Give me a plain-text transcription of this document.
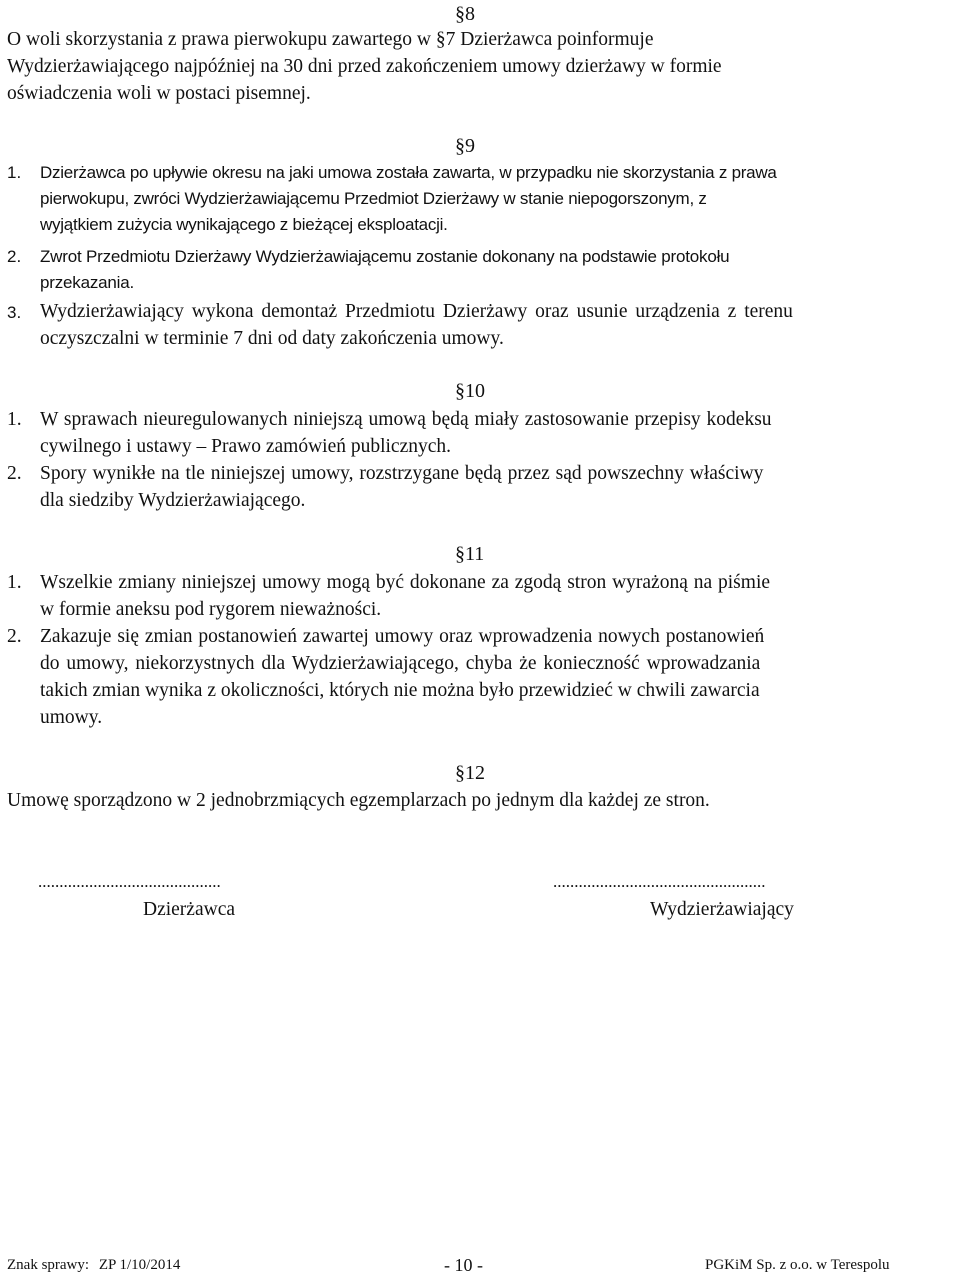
§8
O woli skorzystania z prawa pierwokupu zawartego w §7 Dzierżawca poinformuje
Wydzierżawiającego najpóźniej na 30 dni przed zakończeniem umowy dzierżawy w formie
oświadczenia woli w postaci pisemnej.
§9
1. Dzierżawca po upływie okresu na jaki umowa została zawarta, w przypadku nie skorzystania z prawa
pierwokupu, zwróci Wydzierżawiającemu Przedmiot Dzierżawy w stanie niepogorszonym, z
wyjątkiem zużycia wynikającego z bieżącej eksploatacji.
2. Zwrot Przedmiotu Dzierżawy Wydzierżawiającemu zostanie dokonany na podstawie protokołu
przekazania.
3. Wydzierżawiający wykona demontaż Przedmiotu Dzierżawy oraz usunie urządzenia z terenu
oczyszczalni w terminie 7 dni od daty zakończenia umowy.
§10
1. W sprawach nieuregulowanych niniejszą umową będą miały zastosowanie przepisy kodeksu
cywilnego i ustawy – Prawo zamówień publicznych.
2. Spory wynikłe na tle niniejszej umowy, rozstrzygane będą przez sąd powszechny właściwy
dla siedziby Wydzierżawiającego.
§11
1. Wszelkie zmiany niniejszej umowy mogą być dokonane za zgodą stron wyrażoną na piśmie
w formie aneksu pod rygorem nieważności.
2. Zakazuje się zmian postanowień zawartej umowy oraz wprowadzenia nowych postanowień
do umowy, niekorzystnych dla Wydzierżawiającego, chyba że konieczność wprowadzania
takich zmian wynika z okoliczności, których nie można było przewidzieć w chwili zawarcia
umowy.
§12
Umowę sporządzono w 2 jednobrzmiących egzemplarzach po jednym dla każdej ze stron.
...........................................
Dzierżawca
..................................................
Wydzierżawiający
Znak sprawy: ZP 1/10/2014	- 10 -	PGKiM Sp. z o.o. w Terespolu
